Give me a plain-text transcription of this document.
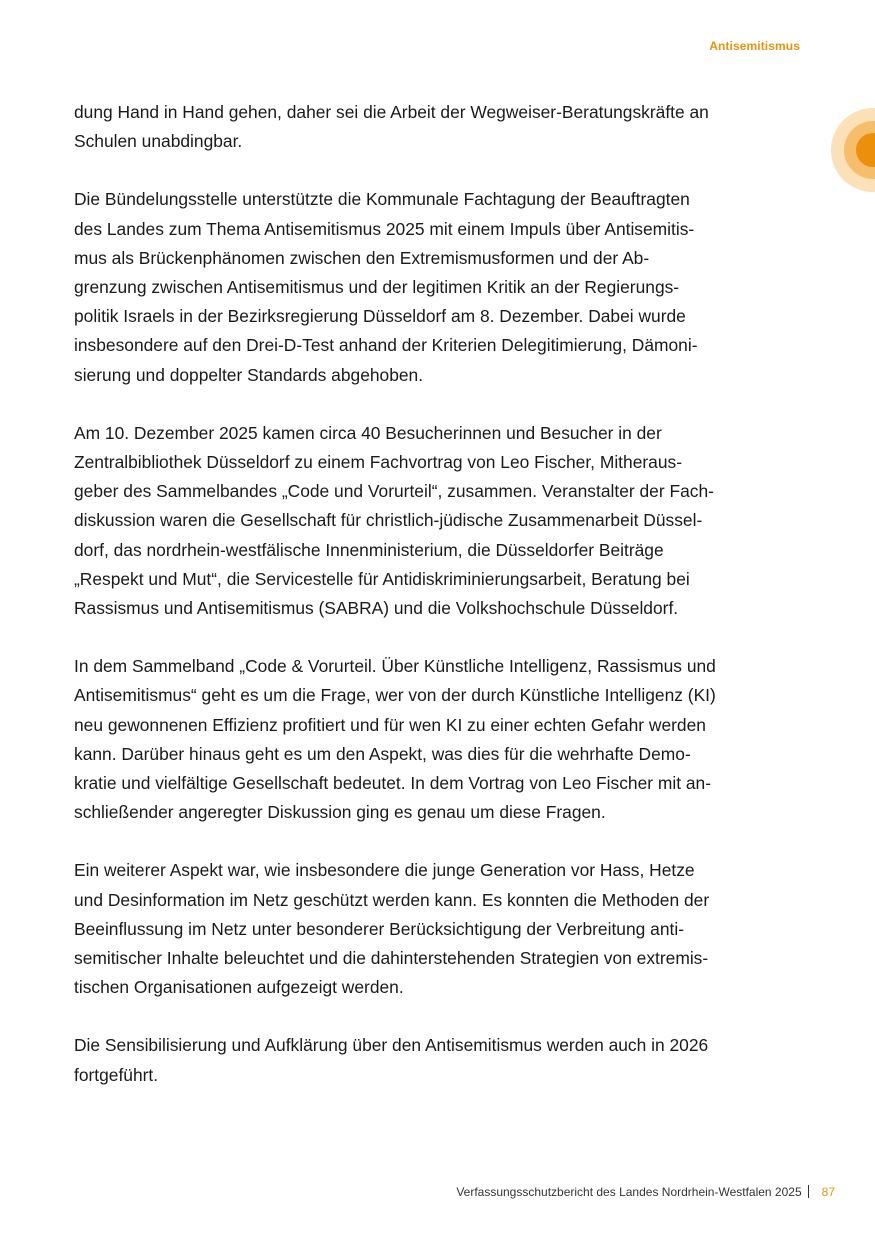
Antisemitismus

dung Hand in Hand gehen, daher sei die Arbeit der Wegweiser-Beratungskräfte an
Schulen unabdingbar.

Die Bündelungsstelle unterstützte die Kommunale Fachtagung der Beauftragten
des Landes zum Thema Antisemitismus 2025 mit einem Impuls über Antisemitis-
mus als Brückenphänomen zwischen den Extremismusformen und der Ab-
grenzung zwischen Antisemitismus und der legitimen Kritik an der Regierungs-
politik Israels in der Bezirksregierung Düsseldorf am 8. Dezember. Dabei wurde
insbesondere auf den Drei-D-Test anhand der Kriterien Delegitimierung, Dämoni-
sierung und doppelter Standards abgehoben.

Am 10. Dezember 2025 kamen circa 40 Besucherinnen und Besucher in der
Zentralbibliothek Düsseldorf zu einem Fachvortrag von Leo Fischer, Mitheraus-
geber des Sammelbandes „Code und Vorurteil“, zusammen. Veranstalter der Fach-
diskussion waren die Gesellschaft für christlich-jüdische Zusammenarbeit Düssel-
dorf, das nordrhein-westfälische Innenministerium, die Düsseldorfer Beiträge
„Respekt und Mut“, die Servicestelle für Antidiskriminierungsarbeit, Beratung bei
Rassismus und Antisemitismus (SABRA) und die Volkshochschule Düsseldorf.

In dem Sammelband „Code & Vorurteil. Über Künstliche Intelligenz, Rassismus und
Antisemitismus“ geht es um die Frage, wer von der durch Künstliche Intelligenz (KI)
neu gewonnenen Effizienz profitiert und für wen KI zu einer echten Gefahr werden
kann. Darüber hinaus geht es um den Aspekt, was dies für die wehrhafte Demo-
kratie und vielfältige Gesellschaft bedeutet. In dem Vortrag von Leo Fischer mit an-
schließender angeregter Diskussion ging es genau um diese Fragen.

Ein weiterer Aspekt war, wie insbesondere die junge Generation vor Hass, Hetze
und Desinformation im Netz geschützt werden kann. Es konnten die Methoden der
Beeinflussung im Netz unter besonderer Berücksichtigung der Verbreitung anti-
semitischer Inhalte beleuchtet und die dahinterstehenden Strategien von extremis-
tischen Organisationen aufgezeigt werden.

Die Sensibilisierung und Aufklärung über den Antisemitismus werden auch in 2026
fortgeführt.

Verfassungsschutzbericht des Landes Nordrhein-Westfalen 2025 87
